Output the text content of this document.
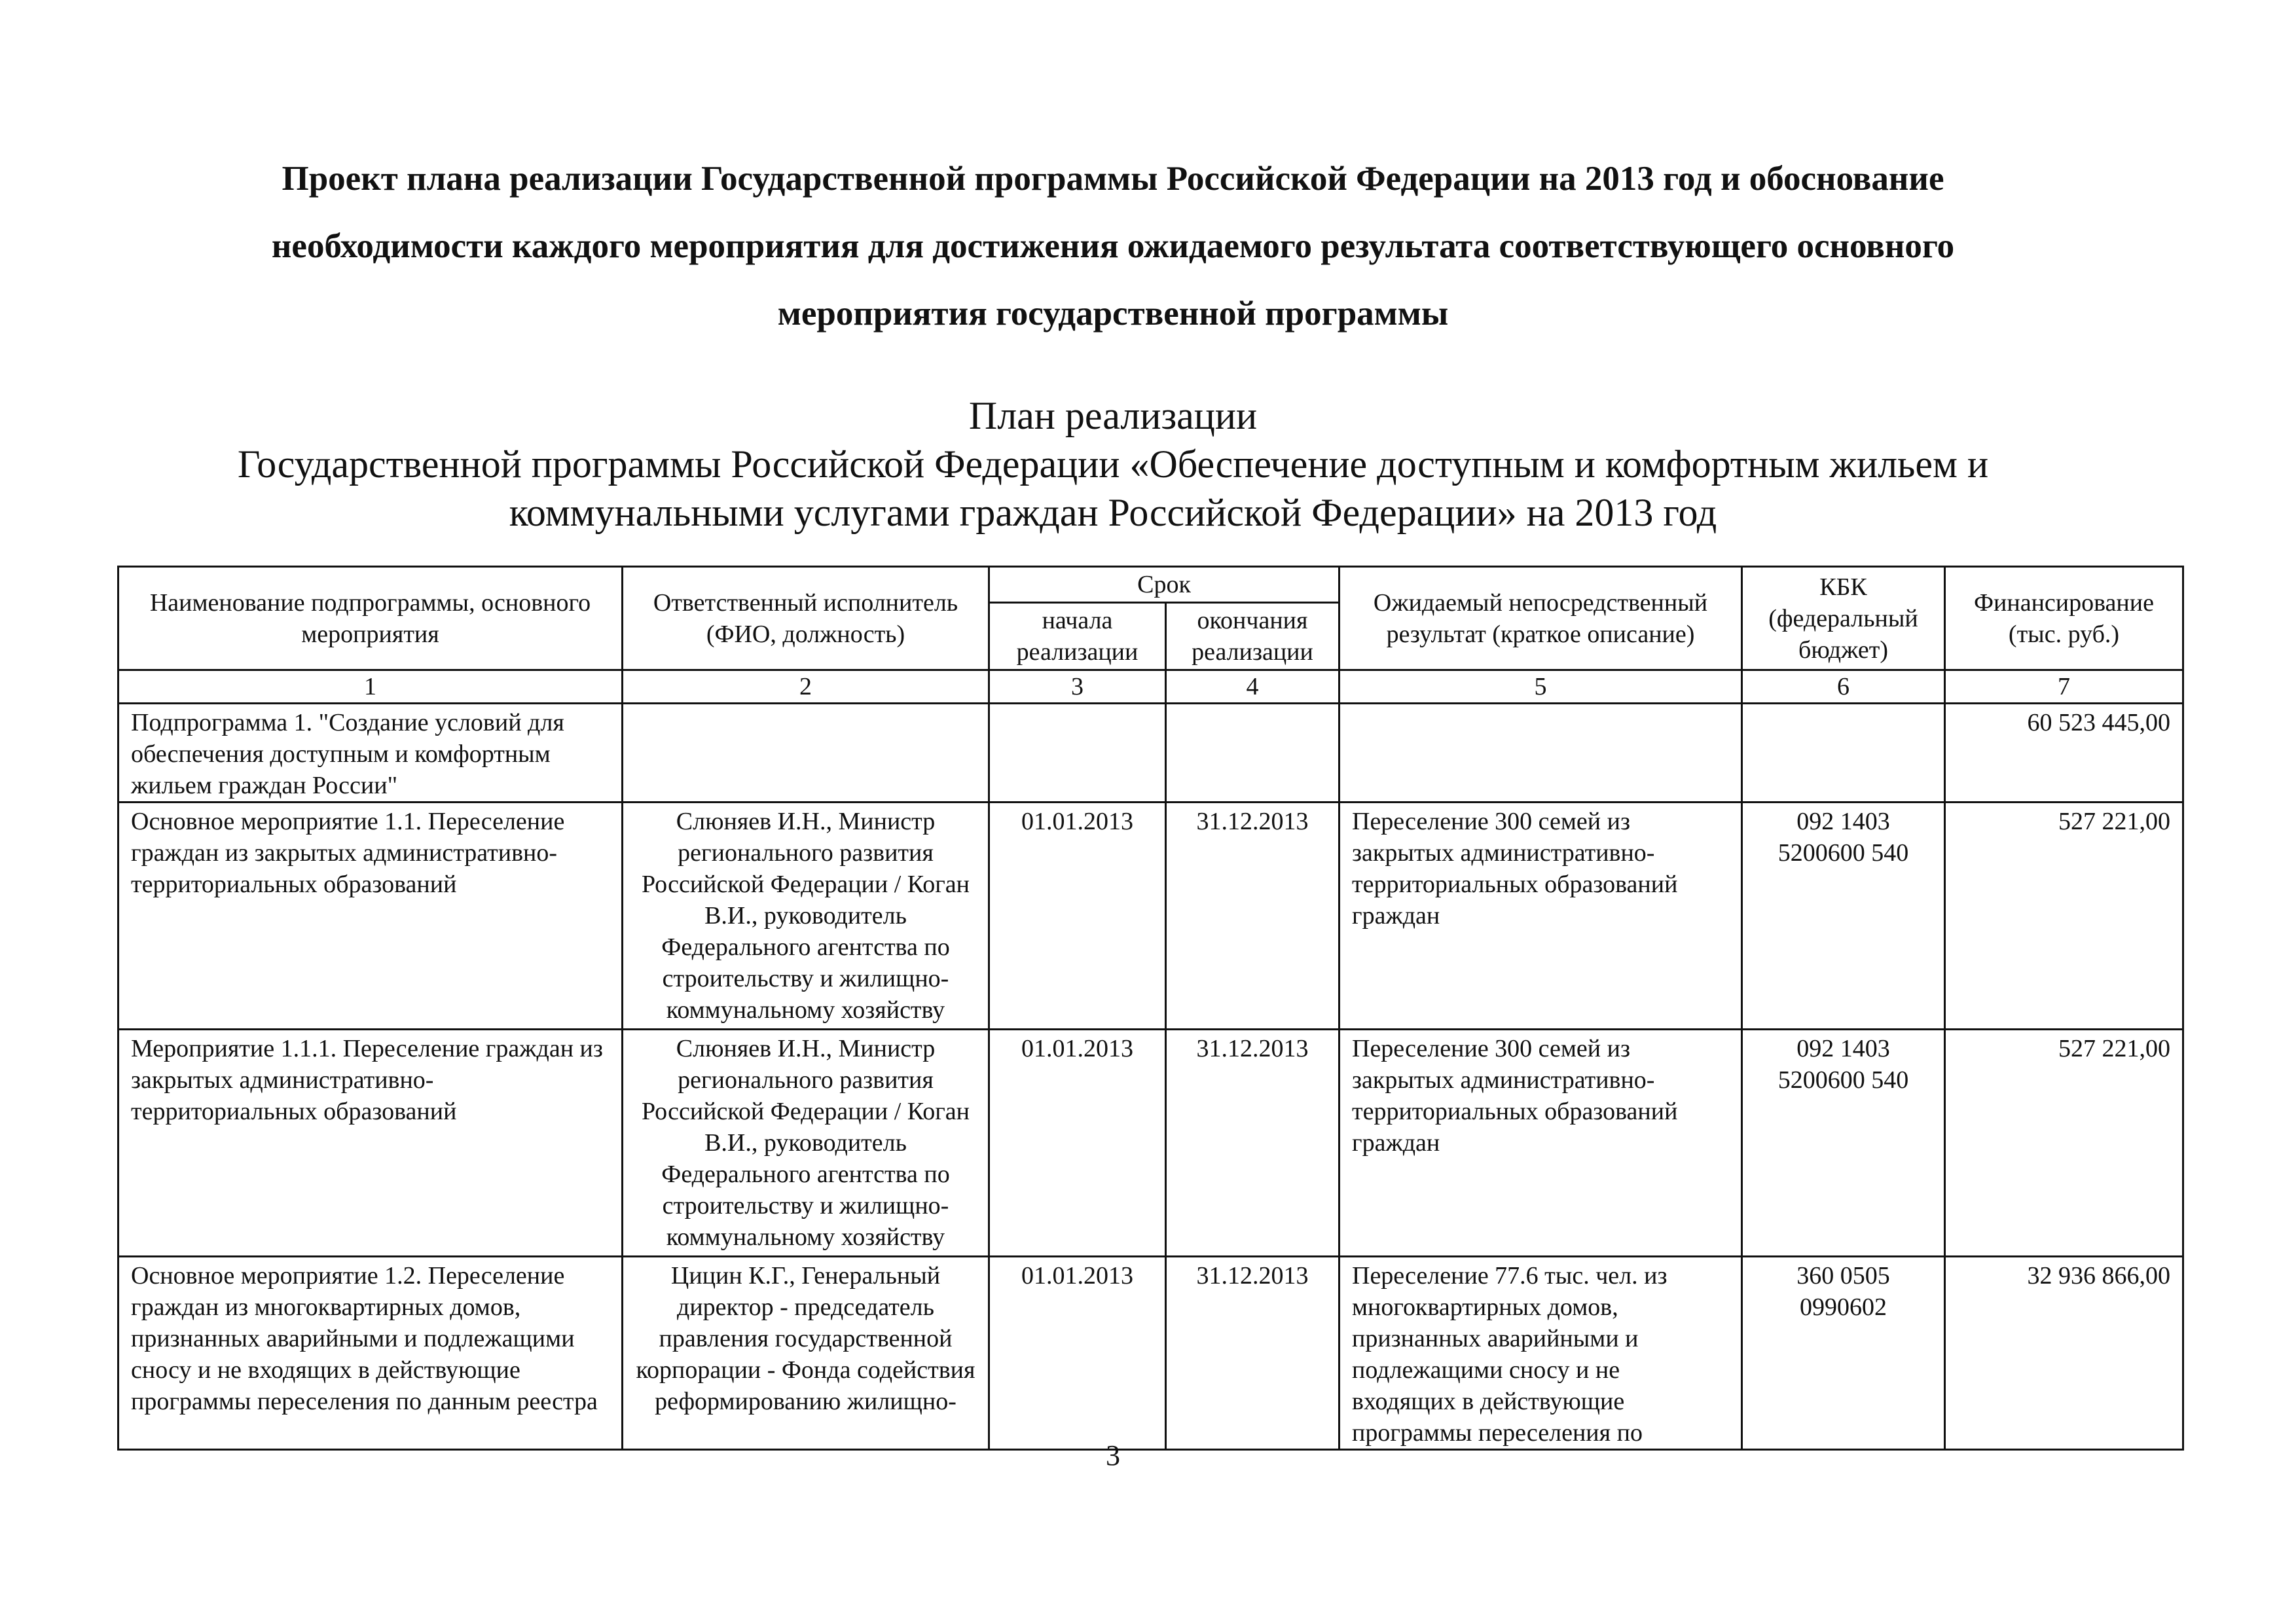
Проект плана реализации Государственной программы Российской Федерации на 2013 год и обоснование
необходимости каждого мероприятия для достижения ожидаемого результата соответствующего основного
мероприятия государственной программы
План реализации
Государственной программы Российской Федерации «Обеспечение доступным и комфортным жильем и
коммунальными услугами граждан Российской Федерации» на 2013 год
Наименование подпрограммы, основного мероприятия	Ответственный исполнитель (ФИО, должность)	Срок		Ожидаемый непосредственный результат (краткое описание)	КБК (федеральный бюджет)	Финансирование (тыс. руб.)
		начала реализации	окончания реализации			
1	2	3	4	5	6	7
Подпрограмма 1. "Создание условий для обеспечения доступным и комфортным жильем граждан России"						60 523 445,00
Основное мероприятие 1.1. Переселение граждан из закрытых административно-территориальных образований	Слюняев И.Н., Министр регионального развития Российской Федерации / Коган В.И., руководитель Федерального агентства по строительству и жилищно-коммунальному хозяйству	01.01.2013	31.12.2013	Переселение 300 семей из закрытых административно-территориальных образований граждан	092 1403 5200600 540	527 221,00
Мероприятие 1.1.1. Переселение граждан из закрытых административно-территориальных образований	Слюняев И.Н., Министр регионального развития Российской Федерации / Коган В.И., руководитель Федерального агентства по строительству и жилищно-коммунальному хозяйству	01.01.2013	31.12.2013	Переселение 300 семей из закрытых административно-территориальных образований граждан	092 1403 5200600 540	527 221,00
Основное мероприятие 1.2. Переселение граждан из многоквартирных домов, признанных аварийными и подлежащими сносу и не входящих в действующие программы переселения по данным реестра	Цицин К.Г., Генеральный директор - председатель правления государственной корпорации - Фонда содействия реформированию жилищно-	01.01.2013	31.12.2013	Переселение 77.6 тыс. чел. из многоквартирных домов, признанных аварийными и подлежащими сносу и не входящих в действующие программы переселения по	360 0505 0990602	32 936 866,00
3
